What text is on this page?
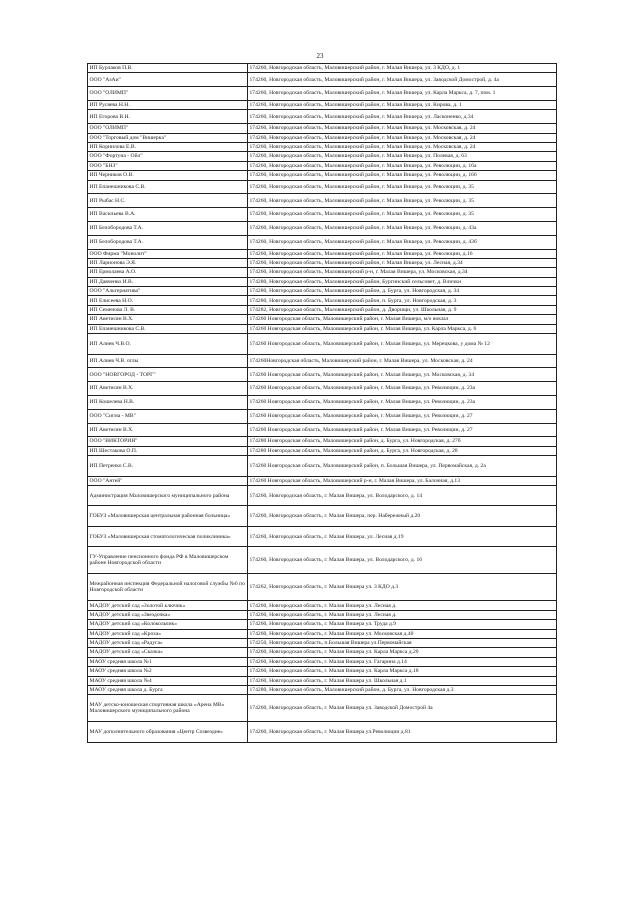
23
ИП Бурлаков П.В.	174260, Новгородская область, Маловишерский район, г. Малая Вишера, ул. 3 КДО, д. 1
ООО "АзАи"	174260, Новгородская область, Маловишерский район, г. Малая Вишера, ул. Заводской Домострой, д. 4а
ООО "ОЛИМП"	174260, Новгородская область, Маловишерский район, г. Малая Вишера, ул. Карла Маркса, д. 7, пом. 1
ИП Русяева Н.Н.	174260, Новгородская область, Маловишерский район, г. Малая Вишера, ул. Кирова, д. 1
ИП Егорова В.Н.	174260, Новгородская область, Маловишерский район, г. Малая Вишера, ул. Ласконенко, д.34
ООО "ОЛИМП"	174260, Новгородская область, Маловишерский район, г. Малая Вишера, ул. Московская, д. 24
ООО "Торговый дом "Вишерка"	174260, Новгородская область, Маловишерский район, г. Малая Вишера, ул. Московская, д. 24
ИП Корнилова Е.В.	174260, Новгородская область, Маловишерский район, г. Малая Вишера, ул. Московская, д. 24
ООО "Фортуна - Ойл"	174260, Новгородская область, Маловишерский район, г. Малая Вишера, ул. Полевая, д. 63
ООО "БНЗ"	174260, Новгородская область, Маловишерский район, г. Малая Вишера, ул. Революции, д. 16а
ИП Черников О.В.	174260, Новгородская область, Маловишерский район, г. Малая Вишера, ул. Революции, д. 166
ИП Епанешникова С.В.	174260, Новгородская область, Маловишерский район, г. Малая Вишера, ул. Революции, д. 35
ИП Рыбас Н.С.	174260, Новгородская область, Маловишерский район, г. Малая Вишера, ул. Революции, д. 35
ИП Васильева В.А.	174260, Новгородская область, Маловишерский район, г. Малая Вишера, ул. Революции, д. 35
ИП Белобородова Т.А.	174260, Новгородская область, Маловишерский район, г. Малая Вишера, ул. Революции, д. 43а
ИП Белобородова Т.А.	174260, Новгородская область, Маловишерский район, г. Малая Вишера, ул. Революции, д. 43б
ООО Фирма "Монолит"	174260, Новгородская область, Маловишерский район, г. Малая Вишера, ул. Революции, д.16
ИП Ларионова Э.Я.	174260, Новгородская область, Маловишерский район, г. Малая Вишера, ул. Лесная, д.34
ИП Ермолаева А.О.	174260, Новгородская область, Маловишерский р-н, г. Малая Вишера, ул. Московская, д.34
ИП Давченко И.В.	174280, Новгородская область, Маловишерский район, Бургинский сельсовет, д. Влички
ООО "Альтернатива"	174280, Новгородская область, Маловишерский район, д. Бурга, ул. Новгородская, д. 34
ИП Елисеева Н.О.	174280, Новгородская область, Маловишерский район, п. Бурга, ул. Новгородская, д. 3
ИП Семенова Л. В.	174282, Новгородская область, Маловишерский район, д. Дворищи, ул. Школьная, д. 9
ИП Аветисян В.Х.	174260 Новгородская область, Маловишерский район, г. Малая Вишера, м/о вокзал
ИП Епанешникова С.В.	174260 Новгородская область, Маловишерский район, г. Малая Вишера, ул. Карла Маркса, д. 6
ИП Алиев Ч.В.О.	174260 Новгородская область, Маловишерский район, г. Малая Вишера, ул. Мерецкова, у дома № 12
ИП Алиев Ч.В. оглы	174260Новгородская область, Маловишерский район, г. Малая Вишера, ул. Московская, д. 24
ООО "НОВГОРОД - ТОРГ"	174260 Новгородская область, Маловишерский район, г. Малая Вишера, ул. Московская, д. 34
ИП Аветисян В.Х.	174260 Новгородская область, Маловишерский район, г. Малая Вишера, ул. Революции, д. 23а
ИП Кошелева Н.В.	174260 Новгородская область, Маловишерский район, г. Малая Вишера, ул. Революции, д. 23а
ООО "Сигма - МВ"	174260 Новгородская область, Маловишерский район, г. Малая Вишера, ул. Революции, д. 27
ИП Аветисян В.Х.	174260 Новгородская область, Маловишерский район, г. Малая Вишера, ул. Революции, д. 27
ООО "ВИКТОРИЯ"	174280 Новгородская область, Маловишерский район, д. Бурга, ул. Новгородская, д. 27б
ИП Шестакова О.П.	174280 Новгородская область, Маловишерский район, д. Бурга, ул. Новгородская, д. 28
ИП Петренко С.В.	174260 Новгородская область, Маловишерский район, п. Большая Вишера, ул. Первомайская, д. 2а
ООО "Антей"	174260 Новгородская область, Маловишерский р-н, г. Малая Вишера, ул. Балочная, д.13
Администрация Маловишерского муниципального района	174260, Новгородская область, г. Малая Вишера, ул. Володарского, д. 14
ГОБУЗ «Маловишерская центральная районная больница»	174260, Новгородская область, г. Малая Вишера, пер. Набережный д.20
ГОБУЗ «Маловишерская стоматологическая поликлиника»	174260, Новгородская область, г. Малая Вишера, ул. Лесная д.19
ГУ-Управление пенсионного фонда РФ в Маловишерском районе Новгородской области	174260, Новгородская область, г. Малая Вишера, ул. Володарского, д. 16
Межрайонная инспекция Федеральной налоговой службы №6 по Новгородской области	174262, Новгородская область, г. Малая Вишера ул. 3 КДО д.3
МАДОУ детский сад «Золотой ключик»	174260, Новгородская область, г. Малая Вишера ул. Лесная д.
МАДОУ детский сад «Звездочка»	174260, Новгородская область, г. Малая Вишера ул. Лесная д.
МАДОУ детский сад «Колокольчик»	174260, Новгородская область, г. Малая Вишера ул. Труда д.9
МАДОУ детский сад «Кроха»	174260, Новгородская область, г. Малая Вишера ул. Московская д.40
МАДОУ детский сад «Радуга»	174250, Новгородская область, п.Большая Вишера ул.Первомайская
МАДОУ детский сад «Сказка»	174260, Новгородская область, г. Малая Вишера ул. Карла Маркса д.20
МАОУ средняя школа №1	174260, Новгородская область, г. Малая Вишера ул. Гагарина д.14
МАОУ средняя школа №2	174260, Новгородская область, г. Малая Вишера ул. Карла Маркса д.18
МАОУ средняя школа №4	174260, Новгородская область, г. Малая Вишера ул. Школьная д.1
МАОУ средняя школа д. Бурга	174280, Новгородская область, Маловишерский район, д. Бурга, ул. Новгородская д.3
МАУ детско-юношеская спортивная школа «Арена МВ» Маловишерского муниципального района	174260, Новгородская область, г. Малая Вишера ул. Заводской Домострой 4а
МАУ дополнительного образования «Центр Созвездие»	174260, Новгородская область, г. Малая Вишера ул.Революции д.81
